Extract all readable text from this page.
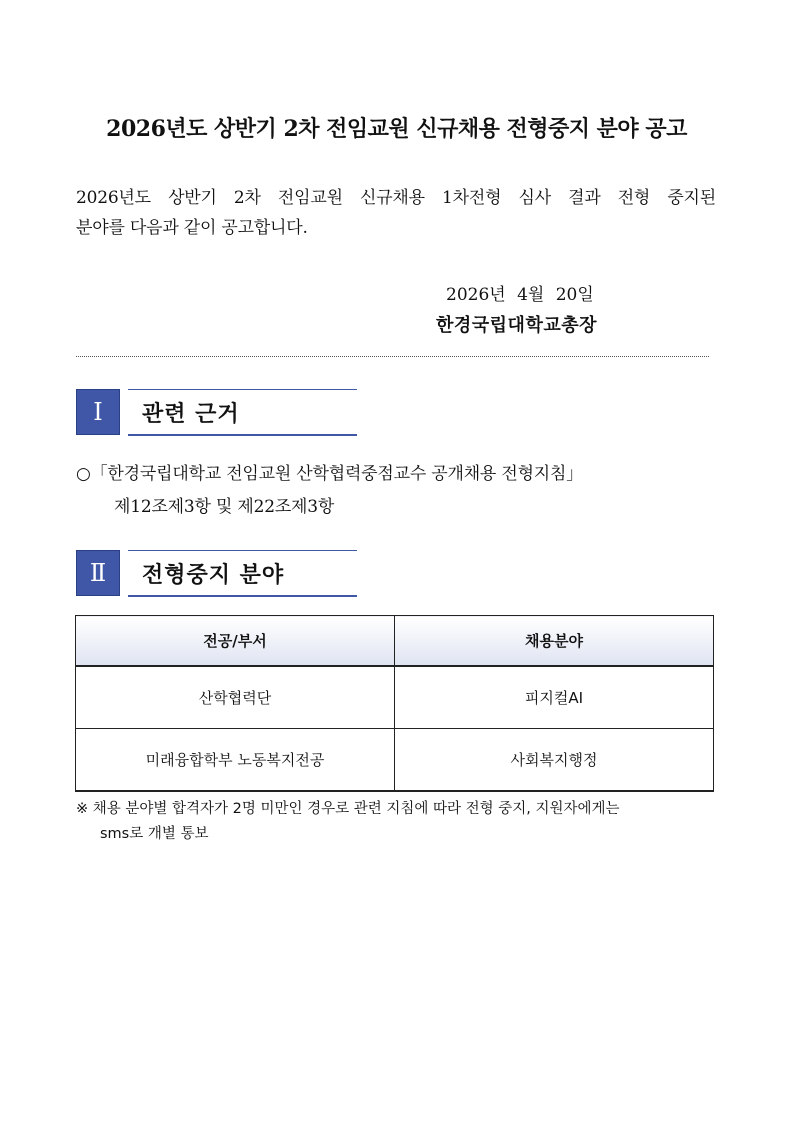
2026년도 상반기 2차 전임교원 신규채용 전형중지 분야 공고
2026년도 상반기 2차 전임교원 신규채용 1차전형 심사 결과 전형 중지된
분야를 다음과 같이 공고합니다.
2026년 4월 20일
한경국립대학교총장
Ⅰ	관련 근거
○「한경국립대학교 전임교원 산학협력중점교수 공개채용 전형지침」
제12조제3항 및 제22조제3항
Ⅱ	전형중지 분야
전공/부서	채용분야
산학협력단	피지컬AI
미래융합학부 노동복지전공	사회복지행정
※ 채용 분야별 합격자가 2명 미만인 경우로 관련 지침에 따라 전형 중지, 지원자에게는
sms로 개별 통보
